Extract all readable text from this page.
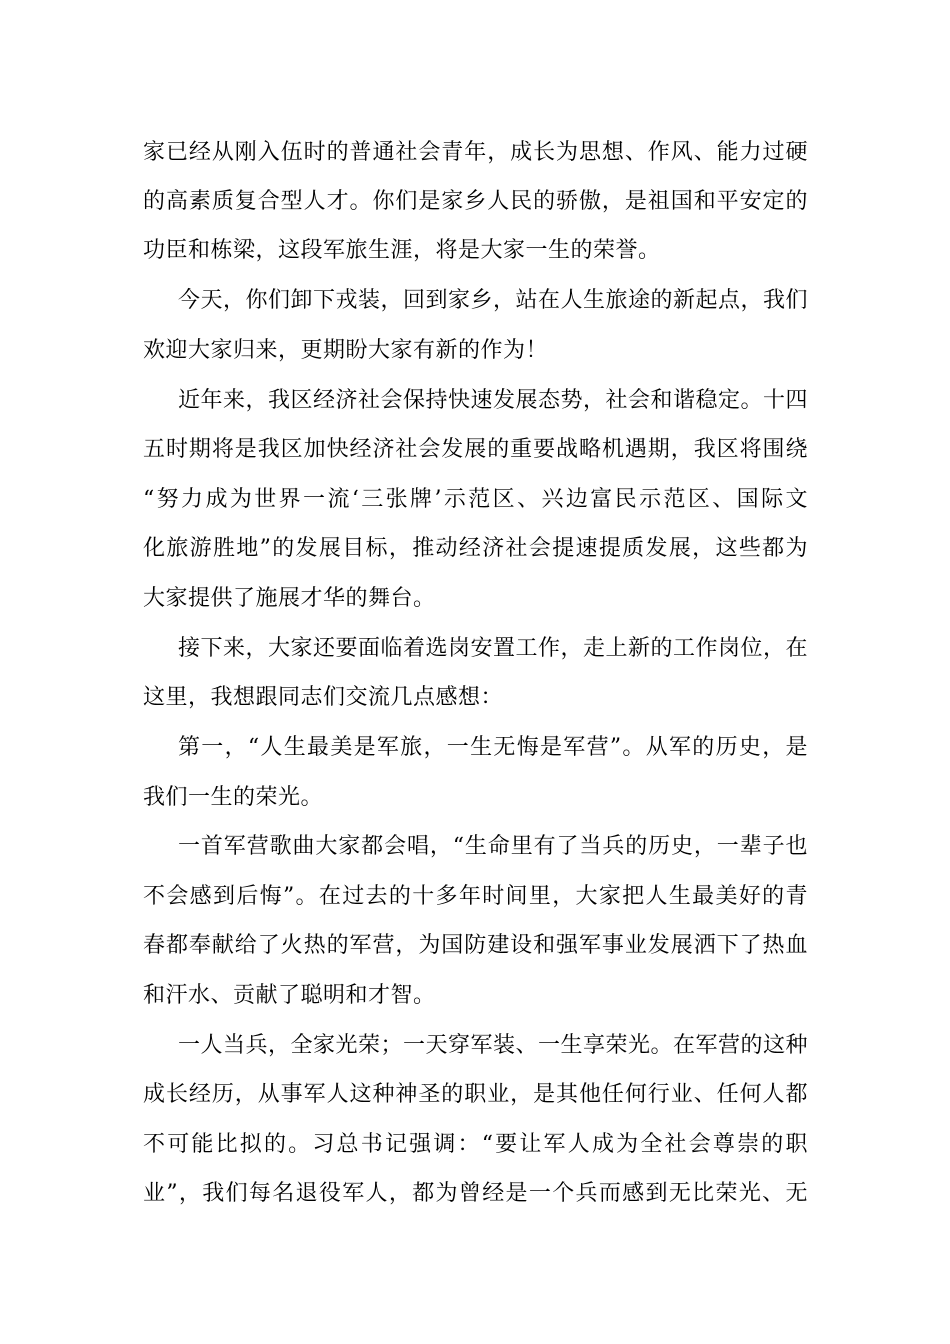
家已经从刚入伍时的普通社会青年，成长为思想、作风、能力过硬
的高素质复合型人才。你们是家乡人民的骄傲，是祖国和平安定的
功臣和栋梁，这段军旅生涯，将是大家一生的荣誉。
今天，你们卸下戎装，回到家乡，站在人生旅途的新起点，我们
欢迎大家归来，更期盼大家有新的作为！
近年来，我区经济社会保持快速发展态势，社会和谐稳定。十四
五时期将是我区加快经济社会发展的重要战略机遇期，我区将围绕
“努力成为世界一流‘三张牌’示范区、兴边富民示范区、国际文
化旅游胜地”的发展目标，推动经济社会提速提质发展，这些都为
大家提供了施展才华的舞台。
接下来，大家还要面临着选岗安置工作，走上新的工作岗位，在
这里，我想跟同志们交流几点感想：
第一，“人生最美是军旅，一生无悔是军营”。从军的历史，是
我们一生的荣光。
一首军营歌曲大家都会唱，“生命里有了当兵的历史，一辈子也
不会感到后悔”。在过去的十多年时间里，大家把人生最美好的青
春都奉献给了火热的军营，为国防建设和强军事业发展洒下了热血
和汗水、贡献了聪明和才智。
一人当兵，全家光荣；一天穿军装、一生享荣光。在军营的这种
成长经历，从事军人这种神圣的职业，是其他任何行业、任何人都
不可能比拟的。习总书记强调：“要让军人成为全社会尊崇的职
业”，我们每名退役军人，都为曾经是一个兵而感到无比荣光、无
